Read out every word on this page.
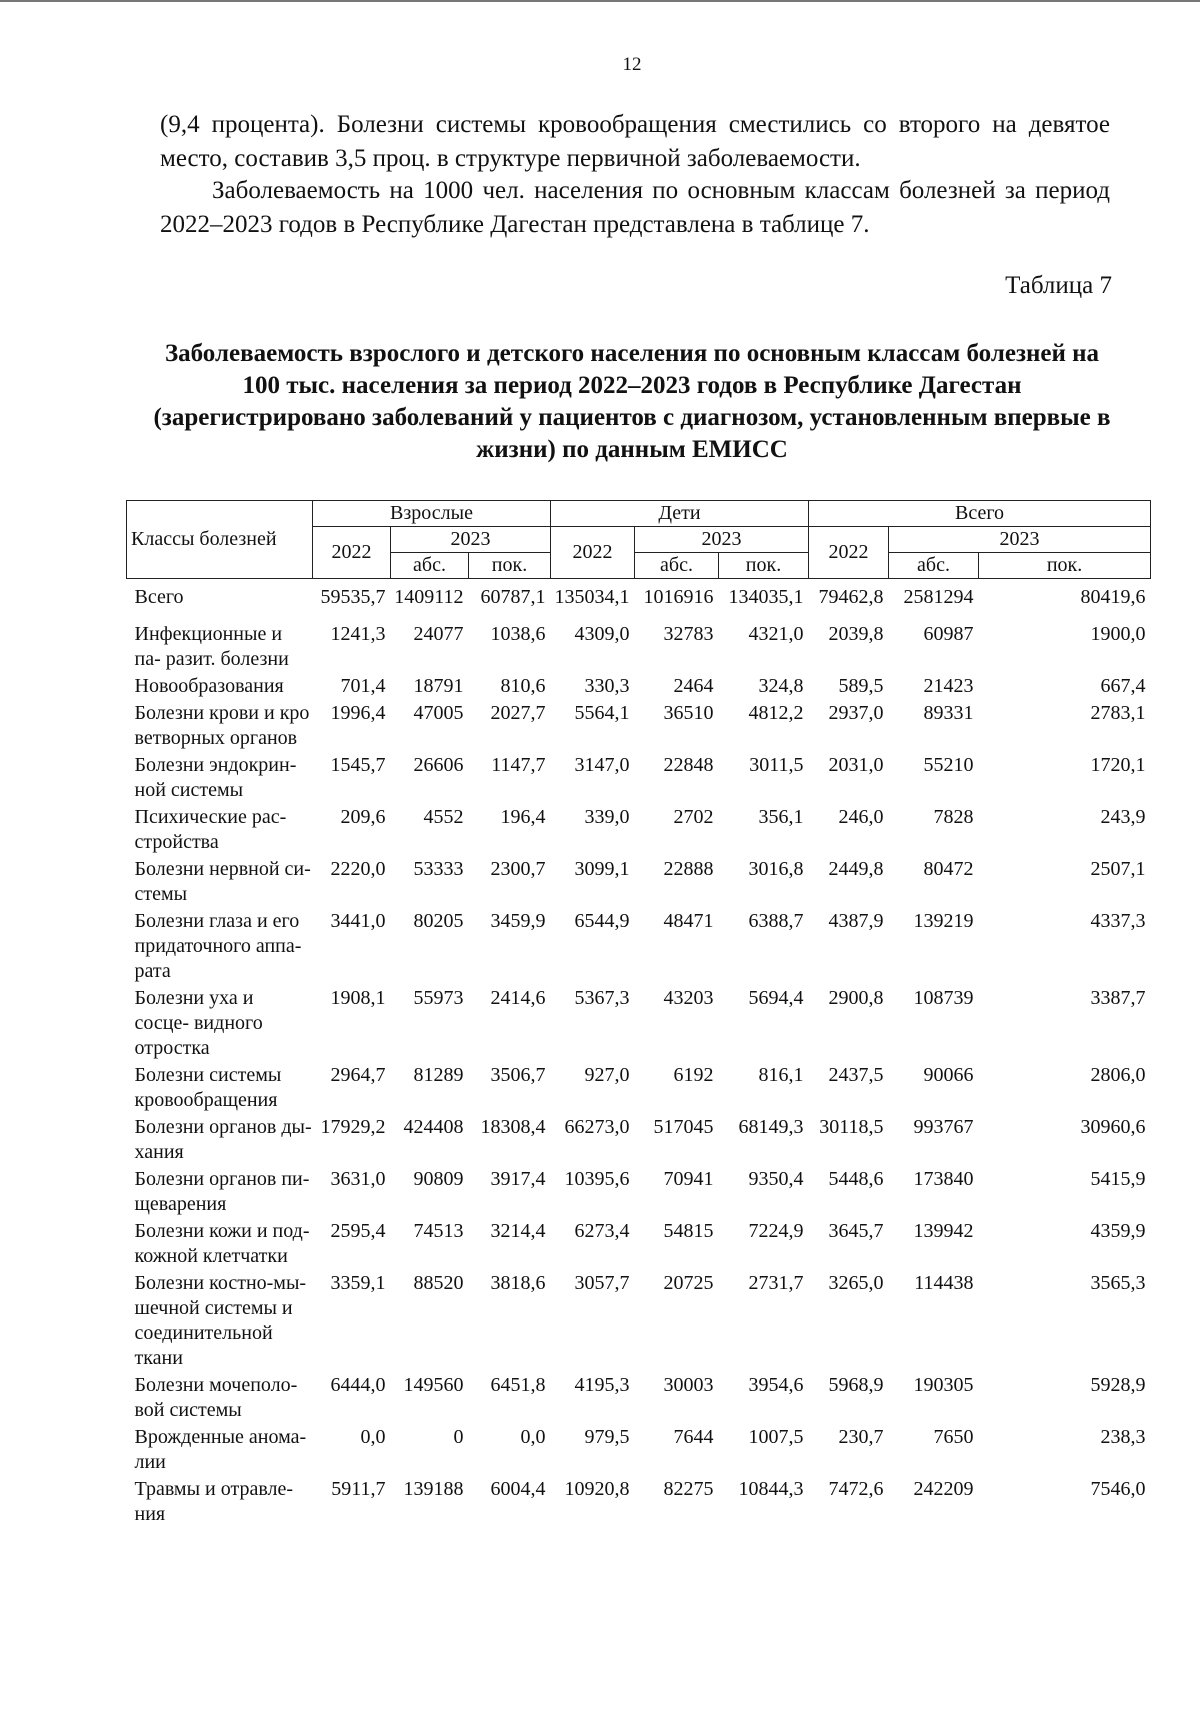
12

(9,4 процента). Болезни системы кровообращения сместились со второго на девятое место, составив 3,5 проц. в структуре первичной заболеваемости.

Заболеваемость на 1000 чел. населения по основным классам болезней за период 2022–2023 годов в Республике Дагестан представлена в таблице 7.

Таблица 7

Заболеваемость взрослого и детского населения по основным классам болезней на 100 тыс. населения за период 2022–2023 годов в Республике Дагестан (зарегистрировано заболеваний у пациентов с диагнозом, установленным впервые в жизни) по данным ЕМИСС

Классы болезней	Взрослые			Дети			Всего		
	2022	2023		2022	2023		2022	2023	
		абс.	пок.		абс.	пок.		абс.	пок.
Всего	59535,7	1409112	60787,1	135034,1	1016916	134035,1	79462,8	2581294	80419,6
Инфекционные и па- разит. болезни	1241,3	24077	1038,6	4309,0	32783	4321,0	2039,8	60987	1900,0
Новообразования	701,4	18791	810,6	330,3	2464	324,8	589,5	21423	667,4
Болезни крови и кро ветворных органов	1996,4	47005	2027,7	5564,1	36510	4812,2	2937,0	89331	2783,1
Болезни эндокрин- ной системы	1545,7	26606	1147,7	3147,0	22848	3011,5	2031,0	55210	1720,1
Психические рас- стройства	209,6	4552	196,4	339,0	2702	356,1	246,0	7828	243,9
Болезни нервной си- стемы	2220,0	53333	2300,7	3099,1	22888	3016,8	2449,8	80472	2507,1
Болезни глаза и его придаточного аппа- рата	3441,0	80205	3459,9	6544,9	48471	6388,7	4387,9	139219	4337,3
Болезни уха и сосце- видного отростка	1908,1	55973	2414,6	5367,3	43203	5694,4	2900,8	108739	3387,7
Болезни системы кровообращения	2964,7	81289	3506,7	927,0	6192	816,1	2437,5	90066	2806,0
Болезни органов ды- хания	17929,2	424408	18308,4	66273,0	517045	68149,3	30118,5	993767	30960,6
Болезни органов пи- щеварения	3631,0	90809	3917,4	10395,6	70941	9350,4	5448,6	173840	5415,9
Болезни кожи и под- кожной клетчатки	2595,4	74513	3214,4	6273,4	54815	7224,9	3645,7	139942	4359,9
Болезни костно-мы- шечной системы и соединительной ткани	3359,1	88520	3818,6	3057,7	20725	2731,7	3265,0	114438	3565,3
Болезни мочеполо- вой системы	6444,0	149560	6451,8	4195,3	30003	3954,6	5968,9	190305	5928,9
Врожденные анома- лии	0,0	0	0,0	979,5	7644	1007,5	230,7	7650	238,3
Травмы и отравле- ния	5911,7	139188	6004,4	10920,8	82275	10844,3	7472,6	242209	7546,0
